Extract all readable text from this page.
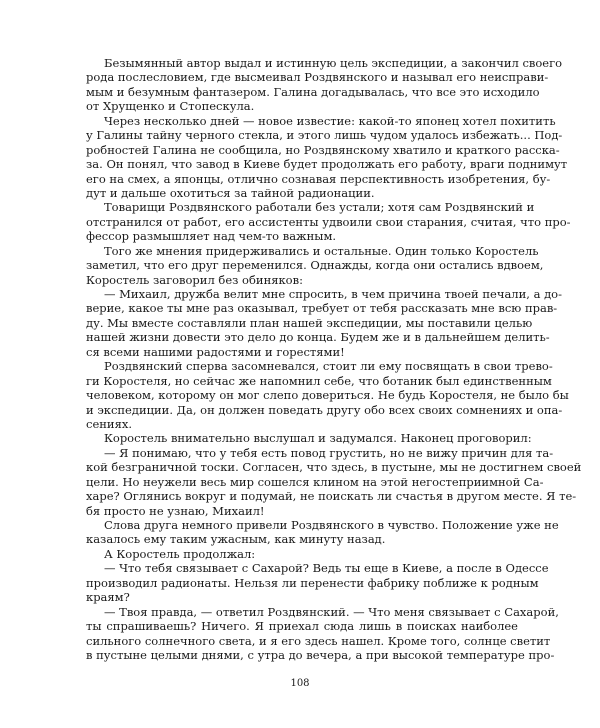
Безымянный автор выдал и истинную цель экспедиции, а закончил своего
рода послесловием, где высмеивал Роздвянского и называл его неисправи-
мым и безумным фантазером. Галина догадывалась, что все это исходило
от Хрущенко и Стопескула.

Через несколько дней — новое известие: какой-то японец хотел похитить
у Галины тайну черного стекла, и этого лишь чудом удалось избежать... Под-
робностей Галина не сообщила, но Роздвянскому хватило и краткого расска-
за. Он понял, что завод в Киеве будет продолжать его работу, враги поднимут
его на смех, а японцы, отлично сознавая перспективность изобретения, бу-
дут и дальше охотиться за тайной радионации.

Товарищи Роздвянского работали без устали; хотя сам Роздвянский и
отстранился от работ, его ассистенты удвоили свои старания, считая, что про-
фессор размышляет над чем-то важным.

Того же мнения придерживались и остальные. Один только Коростель
заметил, что его друг переменился. Однажды, когда они остались вдвоем,
Коростель заговорил без обиняков:

— Михаил, дружба велит мне спросить, в чем причина твоей печали, а до-
верие, какое ты мне раз оказывал, требует от тебя рассказать мне всю прав-
ду. Мы вместе составляли план нашей экспедиции, мы поставили целью
нашей жизни довести это дело до конца. Будем же и в дальнейшем делить-
ся всеми нашими радостями и горестями!

Роздвянский сперва засомневался, стоит ли ему посвящать в свои трево-
ги Коростеля, но сейчас же напомнил себе, что ботаник был единственным
человеком, которому он мог слепо довериться. Не будь Коростеля, не было бы
и экспедиции. Да, он должен поведать другу обо всех своих сомнениях и опа-
сениях.

Коростель внимательно выслушал и задумался. Наконец проговорил:

— Я понимаю, что у тебя есть повод грустить, но не вижу причин для та-
кой безграничной тоски. Согласен, что здесь, в пустыне, мы не достигнем своей
цели. Но неужели весь мир сошелся клином на этой негостеприимной Са-
харе? Оглянись вокруг и подумай, не поискать ли счастья в другом месте. Я те-
бя просто не узнаю, Михаил!

Слова друга немного привели Роздвянского в чувство. Положение уже не
казалось ему таким ужасным, как минуту назад.

А Коростель продолжал:

— Что тебя связывает с Сахарой? Ведь ты еще в Киеве, а после в Одессе
производил радионаты. Нельзя ли перенести фабрику поближе к родным
краям?

— Твоя правда, — ответил Роздвянский. — Что меня связывает с Сахарой,
ты спрашиваешь? Ничего. Я приехал сюда лишь в поисках наиболее
сильного солнечного света, и я его здесь нашел. Кроме того, солнце светит
в пустыне целыми днями, с утра до вечера, а при высокой температуре про-

108
